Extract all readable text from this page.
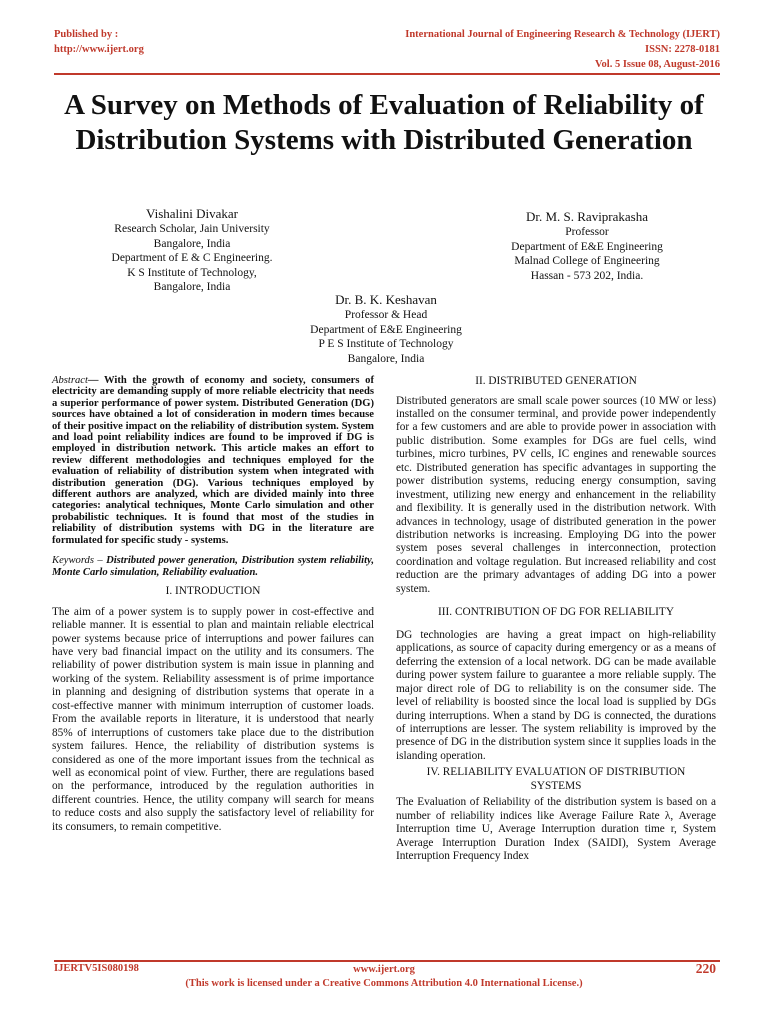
Published by :
http://www.ijert.org
International Journal of Engineering Research & Technology (IJERT)
ISSN: 2278-0181
Vol. 5 Issue 08, August-2016
A Survey on Methods of Evaluation of Reliability of Distribution Systems with Distributed Generation
Vishalini Divakar
Research Scholar, Jain University
Bangalore, India
Department of E & C Engineering.
K S Institute of Technology,
Bangalore, India
Dr. M. S. Raviprakasha
Professor
Department of E&E Engineering
Malnad College of Engineering
Hassan - 573 202, India.
Dr. B. K. Keshavan
Professor & Head
Department of E&E Engineering
P E S Institute of Technology
Bangalore, India

Abstract— With the growth of economy and society, consumers of electricity are demanding supply of more reliable electricity that needs a superior performance of power system. Distributed Generation (DG) sources have obtained a lot of consideration in modern times because of their positive impact on the reliability of distribution system. System and load point reliability indices are found to be improved if DG is employed in distribution network. This article makes an effort to review different methodologies and techniques employed for the evaluation of reliability of distribution system when integrated with distribution generation (DG). Various techniques employed by different authors are analyzed, which are divided mainly into three categories: analytical techniques, Monte Carlo simulation and other probabilistic techniques. It is found that most of the studies in reliability of distribution systems with DG in the literature are formulated for specific study - systems.

Keywords – Distributed power generation, Distribution system reliability, Monte Carlo simulation, Reliability evaluation.

I. INTRODUCTION

The aim of a power system is to supply power in cost-effective and reliable manner. It is essential to plan and maintain reliable electrical power systems because price of interruptions and power failures can have very bad financial impact on the utility and its consumers. The reliability of power distribution system is main issue in planning and working of the system. Reliability assessment is of prime importance in planning and designing of distribution systems that operate in a cost-effective manner with minimum interruption of customer loads. From the available reports in literature, it is understood that nearly 85% of interruptions of customers take place due to the distribution system failures. Hence, the reliability of distribution systems is considered as one of the more important issues from the technical as well as economical point of view. Further, there are regulations based on the performance, introduced by the regulation authorities in different countries. Hence, the utility company will search for means to reduce costs and also supply the satisfactory level of reliability for its consumers, to remain competitive.

II. DISTRIBUTED GENERATION

Distributed generators are small scale power sources (10 MW or less) installed on the consumer terminal, and provide power independently for a few customers and are able to provide power in association with public distribution. Some examples for DGs are fuel cells, wind turbines, micro turbines, PV cells, IC engines and renewable sources etc. Distributed generation has specific advantages in supporting the power distribution systems, reducing energy consumption, saving investment, utilizing new energy and enhancement in the reliability and flexibility. It is generally used in the distribution network. With advances in technology, usage of distributed generation in the power distribution networks is increasing. Employing DG into the power system poses several challenges in interconnection, protection coordination and voltage regulation. But increased reliability and cost reduction are the primary advantages of adding DG into a power system.

III. CONTRIBUTION OF DG FOR RELIABILITY

DG technologies are having a great impact on high-reliability applications, as source of capacity during emergency or as a means of deferring the extension of a local network. DG can be made available during power system failure to guarantee a more reliable supply. The major direct role of DG to reliability is on the consumer side. The level of reliability is boosted since the local load is supplied by DGs during interruptions. When a stand by DG is connected, the durations of interruptions are lesser. The system reliability is improved by the presence of DG in the distribution system since it supplies loads in the islanding operation.

IV. RELIABILITY EVALUATION OF DISTRIBUTION SYSTEMS

The Evaluation of Reliability of the distribution system is based on a number of reliability indices like Average Failure Rate λ, Average Interruption time U, Average Interruption duration time r, System Average Interruption Duration Index (SAIDI), System Average Interruption Frequency Index

IJERTV5IS080198	www.ijert.org
(This work is licensed under a Creative Commons Attribution 4.0 International License.)
220
